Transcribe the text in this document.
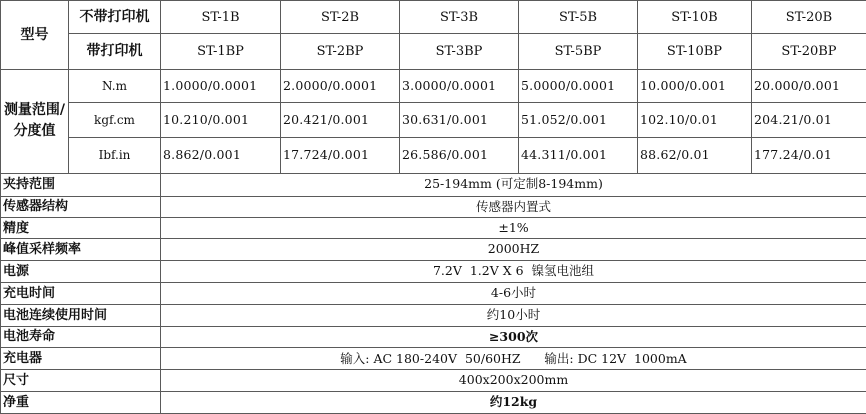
型号	不带打印机	ST-1B	ST-2B	ST-3B	ST-5B	ST-10B	ST-20B
	带打印机	ST-1BP	ST-2BP	ST-3BP	ST-5BP	ST-10BP	ST-20BP
测量范围/分度值	N.m	1.0000/0.0001	2.0000/0.0001	3.0000/0.0001	5.0000/0.0001	10.000/0.001	20.000/0.001
	kgf.cm	10.210/0.001	20.421/0.001	30.631/0.001	51.052/0.001	102.10/0.01	204.21/0.01
	Ibf.in	8.862/0.001	17.724/0.001	26.586/0.001	44.311/0.001	88.62/0.01	177.24/0.01
夹持范围		25-194mm (可定制8-194mm)					
传感器结构		传感器内置式					
精度		±1%					
峰值采样频率		2000HZ					
电源		7.2V  1.2V X 6  镍氢电池组					
充电时间		4-6小时					
电池连续使用时间		约10小时					
电池寿命		≥300次					
充电器		输入: AC 180-240V  50/60HZ      输出: DC 12V  1000mA					
尺寸		400x200x200mm					
净重		约12kg					
